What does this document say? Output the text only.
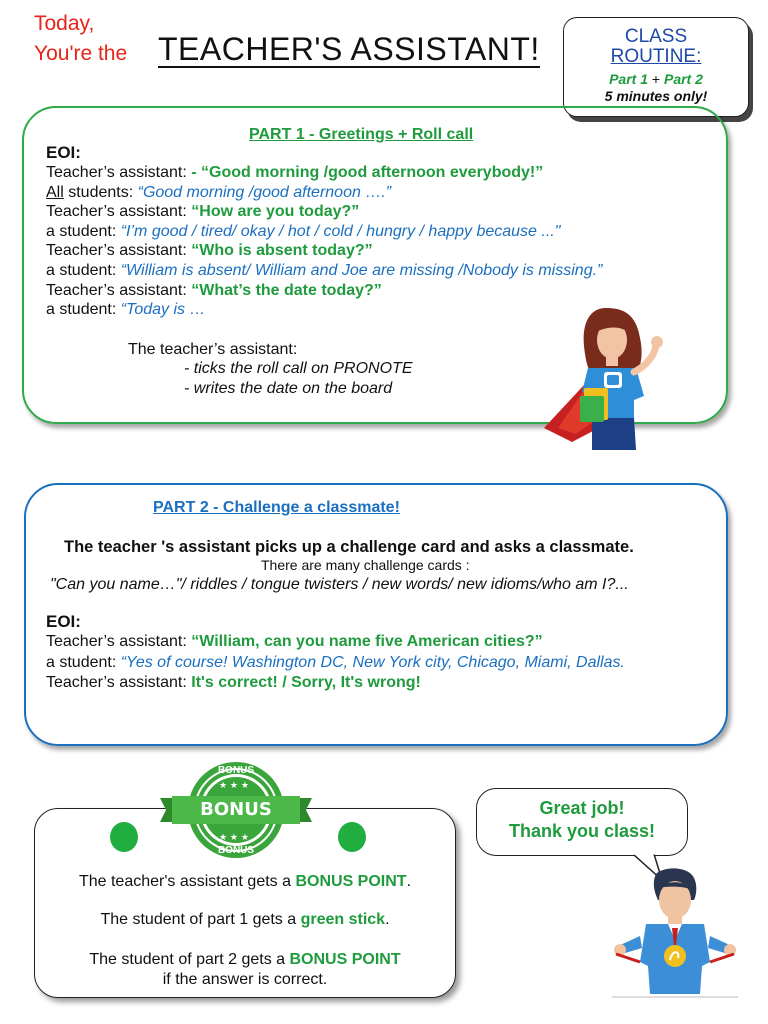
Today,
You're the TEACHER'S ASSISTANT!	CLASS
ROUTINE:
Part 1 + Part 2
5 minutes only!
PART 1 - Greetings + Roll call
EOI:
Teacher’s assistant: - “Good morning /good afternoon everybody!”
All students: “Good morning /good afternoon ….”
Teacher’s assistant: “How are you today?”
a student: “I’m good / tired/ okay / hot / cold / hungry / happy because ..."
Teacher’s assistant: “Who is absent today?”
a student: “William is absent/ William and Joe are missing /Nobody is missing.”
Teacher’s assistant: “What’s the date today?”
a student: “Today is …
The teacher’s assistant:
- ticks the roll call on PRONOTE
- writes the date on the board
PART 2 - Challenge a classmate!
The teacher 's assistant picks up a challenge card and asks a classmate.
There are many challenge cards :
"Can you name…"/ riddles / tongue twisters / new words/ new idioms/who am I?...
EOI:
Teacher’s assistant: “William, can you name five American cities?”
a student: “Yes of course! Washington DC, New York city, Chicago, Miami, Dallas.
Teacher’s assistant: It's correct! / Sorry, It's wrong!
★ ★ ★
★ ★ ★
BONUS
BONUS
BONUS
The teacher's assistant gets a BONUS POINT.
The student of part 1 gets a green stick.
The student of part 2 gets a BONUS POINT
if the answer is correct.
Great job!
Thank you class!
